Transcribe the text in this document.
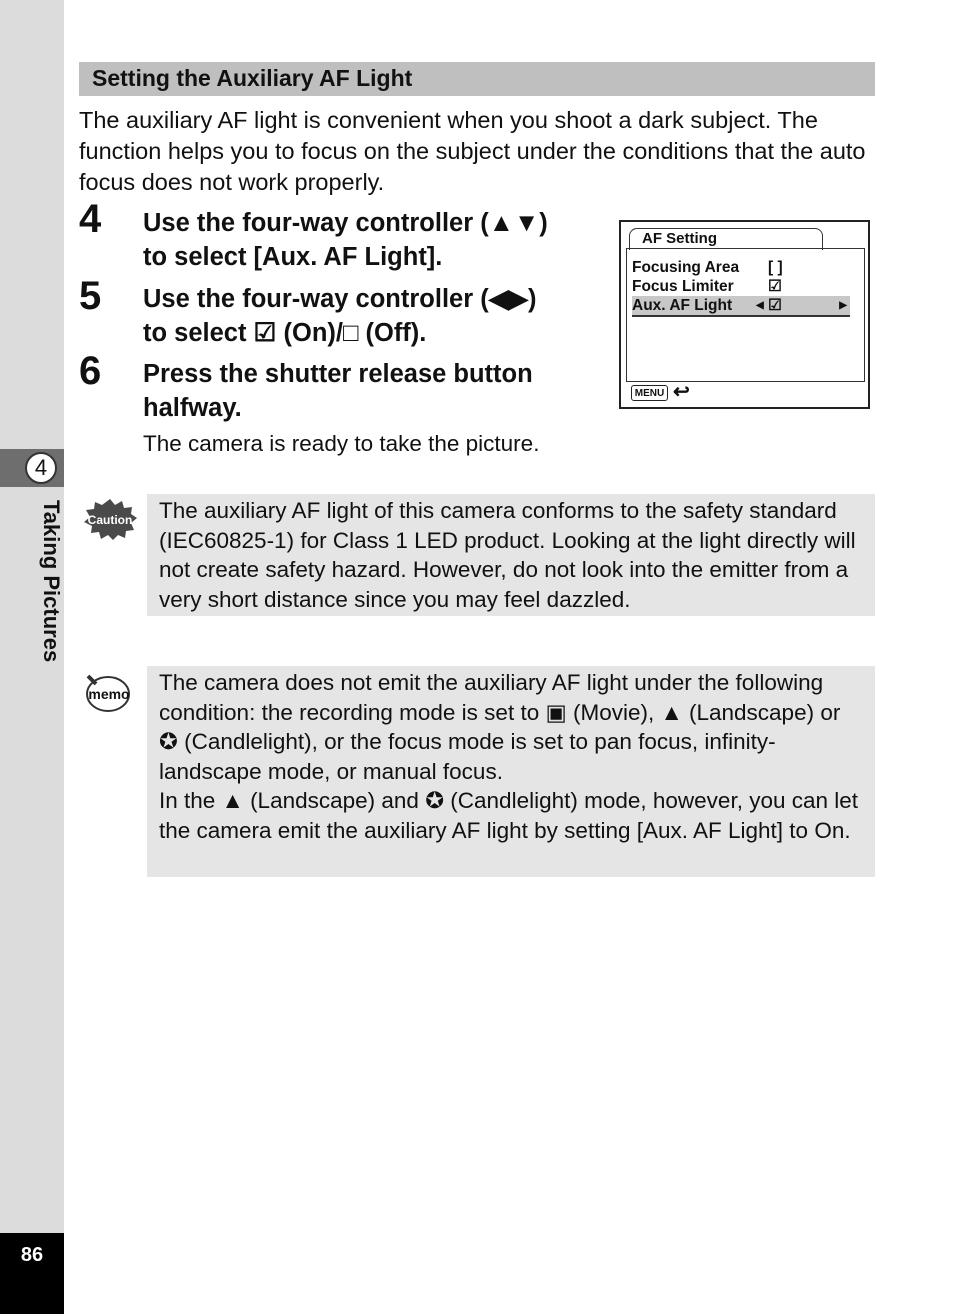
4
Taking Pictures
86
Setting the Auxiliary AF Light

The auxiliary AF light is convenient when you shoot a dark subject. The function helps you to focus on the subject under the conditions that the auto focus does not work properly.

4 Use the four-way controller (▲▼)
to select [Aux. AF Light].
5 Use the four-way controller (◀▶)
to select ☑ (On)/□ (Off).
6 Press the shutter release button
halfway.
The camera is ready to take the picture.
AF Setting
Focusing Area [ ]
Focus Limiter ☑
Aux. AF Light ◀ ☑	▶
MENU ↩
Caution The auxiliary AF light of this camera conforms to the safety standard (IEC60825-1) for Class 1 LED product. Looking at the light directly will not create safety hazard. However, do not look into the emitter from a very short distance since you may feel dazzled.

memo The camera does not emit the auxiliary AF light under the following condition: the recording mode is set to ▣ (Movie), ▲ (Landscape) or ✪ (Candlelight), or the focus mode is set to pan focus, infinity-landscape mode, or manual focus.

In the ▲ (Landscape) and ✪ (Candlelight) mode, however, you can let the camera emit the auxiliary AF light by setting [Aux. AF Light] to On.
